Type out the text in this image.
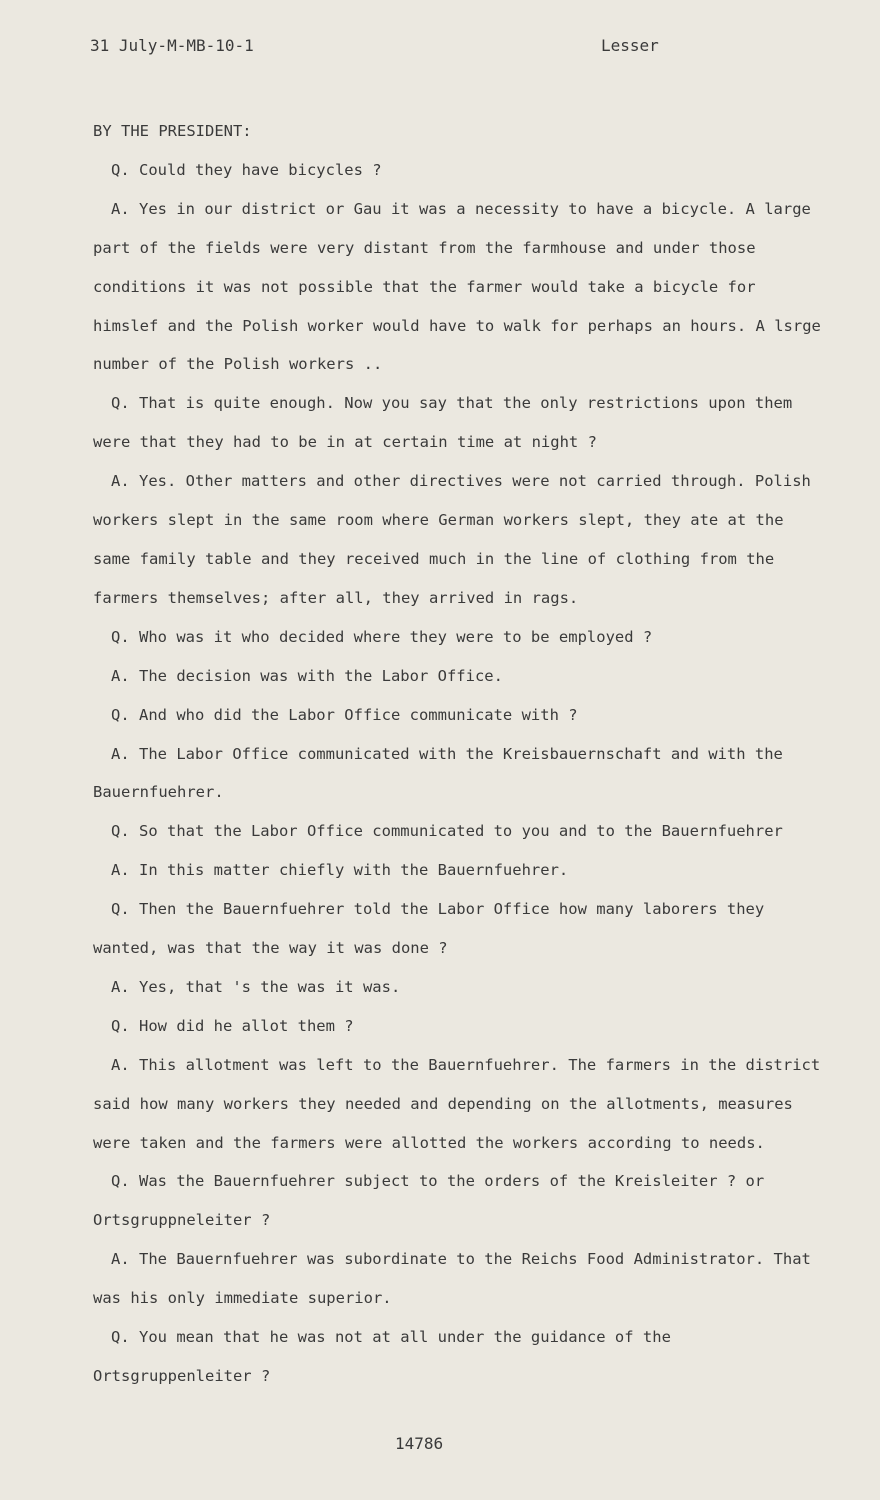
31 July-M-MB-10-1	Lesser

BY THE PRESIDENT:

Q. Could they have bicycles ?

A. Yes in our district or Gau it was a necessity to have a bicycle. A large part of the fields were very distant from the farmhouse and under those conditions it was not possible that the farmer would take a bicycle for himslef and the Polish worker would have to walk for perhaps an hours. A lsrge number of the Polish workers ..

Q. That is quite enough. Now you say that the only restrictions upon them were that they had to be in at certain time at night ?

A. Yes. Other matters and other directives were not carried through. Polish workers slept in the same room where German workers slept, they ate at the same family table and they received much in the line of clothing from the farmers themselves; after all, they arrived in rags.

Q. Who was it who decided where they were to be employed ?

A. The decision was with the Labor Office.

Q. And who did the Labor Office communicate with ?

A. The Labor Office communicated with the Kreisbauernschaft and with the Bauernfuehrer.

Q. So that the Labor Office communicated to you and to the Bauernfuehrer

A. In this matter chiefly with the Bauernfuehrer.

Q. Then the Bauernfuehrer told the Labor Office how many laborers they wanted, was that the way it was done ?

A. Yes, that 's the was it was.

Q. How did he allot them ?

A. This allotment was left to the Bauernfuehrer. The farmers in the district said how many workers they needed and depending on the allotments, measures were taken and the farmers were allotted the workers according to needs.

Q. Was the Bauernfuehrer subject to the orders of the Kreisleiter ? or Ortsgruppneleiter ?

A. The Bauernfuehrer was subordinate to the Reichs Food Administrator. That was his only immediate superior.

Q. You mean that he was not at all under the guidance of the Ortsgruppenleiter ?

14786
